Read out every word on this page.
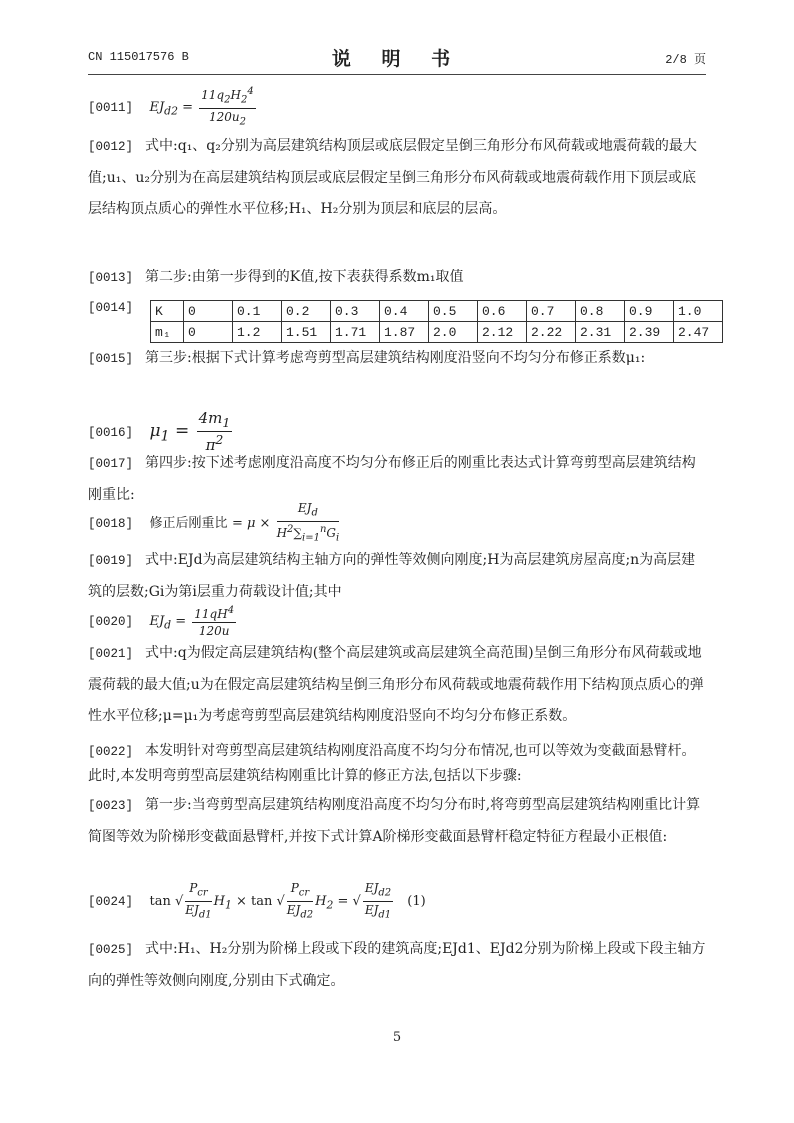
CN 115017576 B	说 明 书	2/8 页
[0011] $EJ_{d2} = \frac{11q_2H_2^4}{120u_2}$
[0012] 式中:q₁、q₂分别为高层建筑结构顶层或底层假定呈倒三角形分布风荷载或地震荷载的最大值;u₁、u₂分别为在高层建筑结构顶层或底层假定呈倒三角形分布风荷载或地震荷载作用下顶层或底层结构顶点质心的弹性水平位移;H₁、H₂分别为顶层和底层的层高。
[0013] 第二步:由第一步得到的K值,按下表获得系数m₁取值
[0014]	K	0	0.1	0.2	0.3	0.4	0.5	0.6	0.7	0.8	0.9	1.0
m₁	0	1.2	1.51	1.71	1.87	2.0	2.12	2.22	2.31	2.39	2.47
[0015] 第三步:根据下式计算考虑弯剪型高层建筑结构刚度沿竖向不均匀分布修正系数μ₁:
[0016] $\mu_1 = \frac{4m_1}{\pi^2}$
[0017] 第四步:按下述考虑刚度沿高度不均匀分布修正后的刚重比表达式计算弯剪型高层建筑结构刚重比:
[0018] 修正后刚重比 = $\mu \times \frac{EJ_d}{H^2\sum_{i=1}^nG_i}$
[0019] 式中:EJd为高层建筑结构主轴方向的弹性等效侧向刚度;H为高层建筑房屋高度;n为高层建筑的层数;Gi为第i层重力荷载设计值;其中
[0020] $EJ_d = \frac{11qH^4}{120u}$
[0021] 式中:q为假定高层建筑结构(整个高层建筑或高层建筑全高范围)呈倒三角形分布风荷载或地震荷载的最大值;u为在假定高层建筑结构呈倒三角形分布风荷载或地震荷载作用下结构顶点质心的弹性水平位移;μ=μ₁为考虑弯剪型高层建筑结构刚度沿竖向不均匀分布修正系数。
[0022] 本发明针对弯剪型高层建筑结构刚度沿高度不均匀分布情况,也可以等效为变截面悬臂杆。此时,本发明弯剪型高层建筑结构刚重比计算的修正方法,包括以下步骤:
[0023] 第一步:当弯剪型高层建筑结构刚度沿高度不均匀分布时,将弯剪型高层建筑结构刚重比计算简图等效为阶梯形变截面悬臂杆,并按下式计算A阶梯形变截面悬臂杆稳定特征方程最小正根值:
[0024] tan √ $\frac{P_{cr}}{EJ_{d1}} H_1 \times \tan$ √ $\frac{P_{cr}}{EJ_{d2}} H_2$ = √ $\frac{EJ_{d2}}{EJ_{d1}} (1)$
[0025] 式中:H₁、H₂分别为阶梯上段或下段的建筑高度;EJd1、EJd2分别为阶梯上段或下段主轴方向的弹性等效侧向刚度,分别由下式确定。
5
